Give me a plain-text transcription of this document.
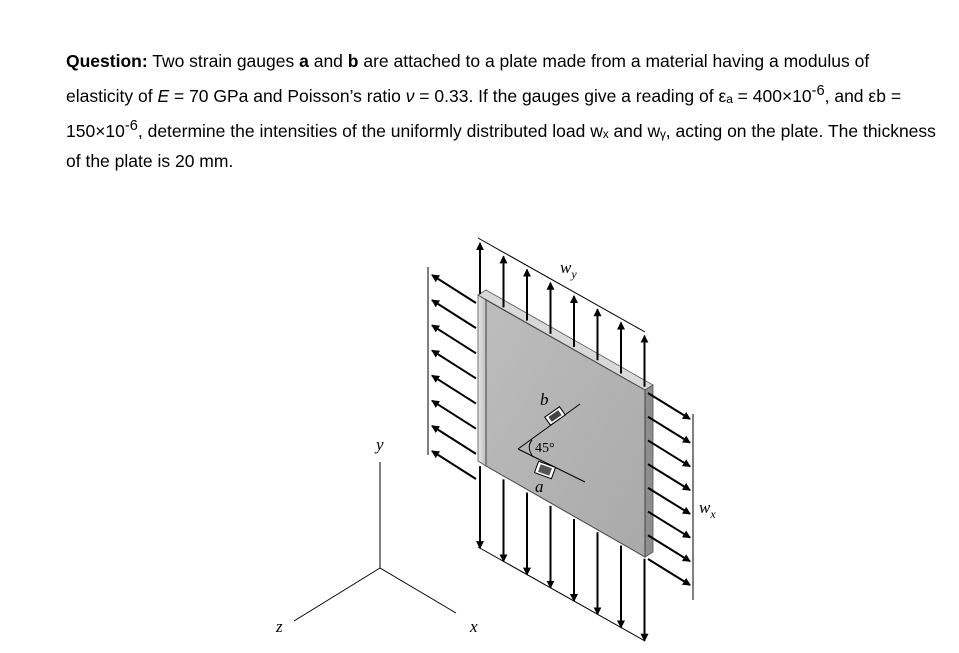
Question: Two strain gauges a and b are attached to a plate made from a material having a modulus of elasticity of E = 70 GPa and Poisson’s ratio ν = 0.33. If the gauges give a reading of $\varepsilon_a = 400\times 10^{-6}$, and $\varepsilon b = 150\times 10^{-6}$, determine the intensities of the uniformly distributed load wₓ and wᵧ, acting on the plate. The thickness of the plate is 20 mm.

45°
b
a
$w_y$
$w_x$
y
x
z
